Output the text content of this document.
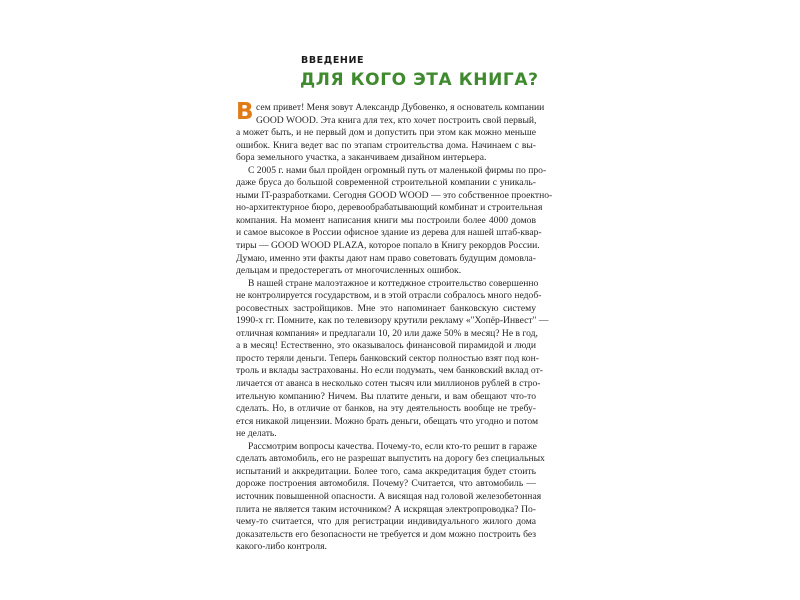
ВВЕДЕНИЕ
ДЛЯ КОГО ЭТА КНИГА?
В сем привет! Меня зовут Александр Дубовенко, я основатель компании
GOOD WOOD. Эта книга для тех, кто хочет построить свой первый,
а может быть, и не первый дом и допустить при этом как можно меньше
ошибок. Книга ведет вас по этапам строительства дома. Начинаем с вы-
бора земельного участка, а заканчиваем дизайном интерьера.
С 2005 г. нами был пройден огромный путь от маленькой фирмы по про-
даже бруса до большой современной строительной компании с уникаль-
ными IT-разработками. Сегодня GOOD WOOD — это собственное проектно-
но-архитектурное бюро, деревообрабатывающий комбинат и строительная
компания. На момент написания книги мы построили более 4000 домов
и самое высокое в России офисное здание из дерева для нашей штаб-квар-
тиры — GOOD WOOD PLAZA, которое попало в Книгу рекордов России.
Думаю, именно эти факты дают нам право советовать будущим домовла-
дельцам и предостерегать от многочисленных ошибок.
В нашей стране малоэтажное и коттеджное строительство совершенно
не контролируется государством, и в этой отрасли собралось много недоб-
росовестных застройщиков. Мне это напоминает банковскую систему
1990-х гг. Помните, как по телевизору крутили рекламу «"Хопёр-Инвест" —
отличная компания» и предлагали 10, 20 или даже 50% в месяц? Не в год,
а в месяц! Естественно, это оказывалось финансовой пирамидой и люди
просто теряли деньги. Теперь банковский сектор полностью взят под кон-
троль и вклады застрахованы. Но если подумать, чем банковский вклад от-
личается от аванса в несколько сотен тысяч или миллионов рублей в стро-
ительную компанию? Ничем. Вы платите деньги, и вам обещают что-то
сделать. Но, в отличие от банков, на эту деятельность вообще не требу-
ется никакой лицензии. Можно брать деньги, обещать что угодно и потом
не делать.
Рассмотрим вопросы качества. Почему-то, если кто-то решит в гараже
сделать автомобиль, его не разрешат выпустить на дорогу без специальных
испытаний и аккредитации. Более того, сама аккредитация будет стоить
дороже построения автомобиля. Почему? Считается, что автомобиль —
источник повышенной опасности. А висящая над головой железобетонная
плита не является таким источником? А искрящая электропроводка? По-
чему-то считается, что для регистрации индивидуального жилого дома
доказательств его безопасности не требуется и дом можно построить без
какого-либо контроля.
